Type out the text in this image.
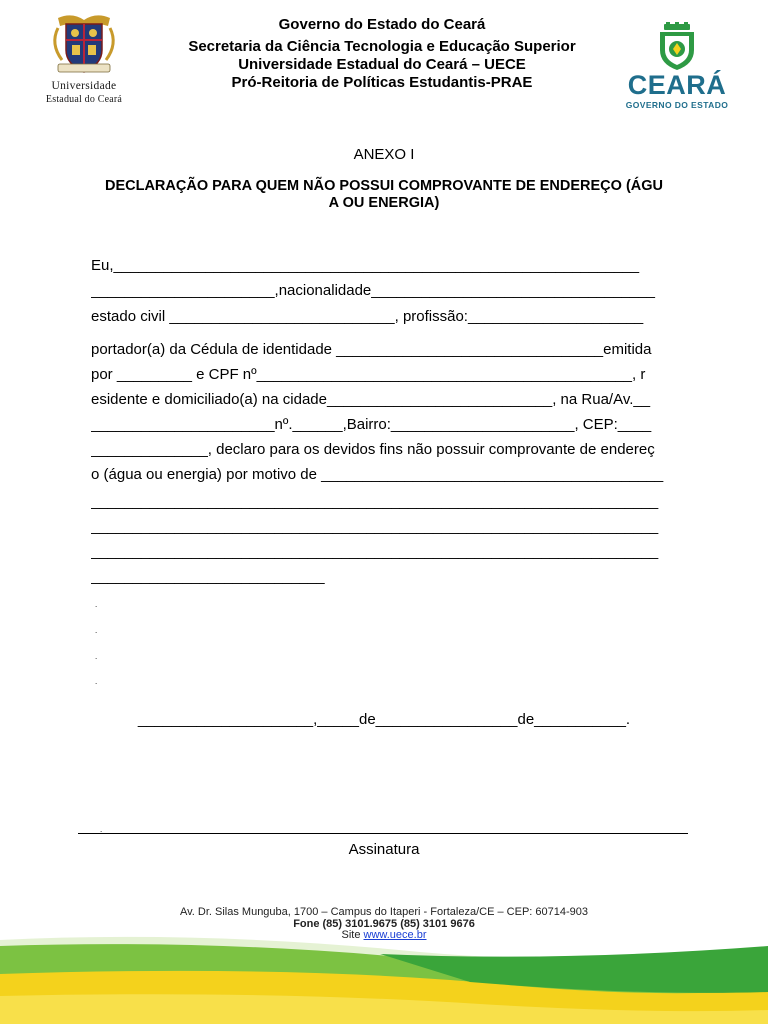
Universidade
Estadual do Ceará
Governo do Estado do Ceará
Secretaria da Ciência Tecnologia e Educação Superior
Universidade Estadual do Ceará – UECE
Pró-Reitoria de Políticas Estudantis-PRAE	CEARÁ
GOVERNO DO ESTADO
ANEXO I
DECLARAÇÃO PARA QUEM NÃO POSSUI COMPROVANTE DE ENDEREÇO (ÁGU
A OU ENERGIA)
Eu,_______________________________________________________________
______________________,nacionalidade__________________________________
estado civil ___________________________, profissão:_____________________
portador(a) da Cédula de identidade ________________________________emitida
por _________ e CPF nº_____________________________________________, r
esidente e domiciliado(a) na cidade___________________________, na Rua/Av.__
______________________nº.______,Bairro:______________________, CEP:____
______________, declaro para os devidos fins não possuir comprovante de endereç
o (água ou energia) por motivo de _________________________________________
____________________________________________________________________
____________________________________________________________________
____________________________________________________________________
____________________________
.
.
.
.
_____________________,_____de_________________de___________.
.
Assinatura
Av. Dr. Silas Munguba, 1700 – Campus do Itaperi - Fortaleza/CE – CEP: 60714-903
Fone (85) 3101.9675 (85) 3101 9676
Site www.uece.br
